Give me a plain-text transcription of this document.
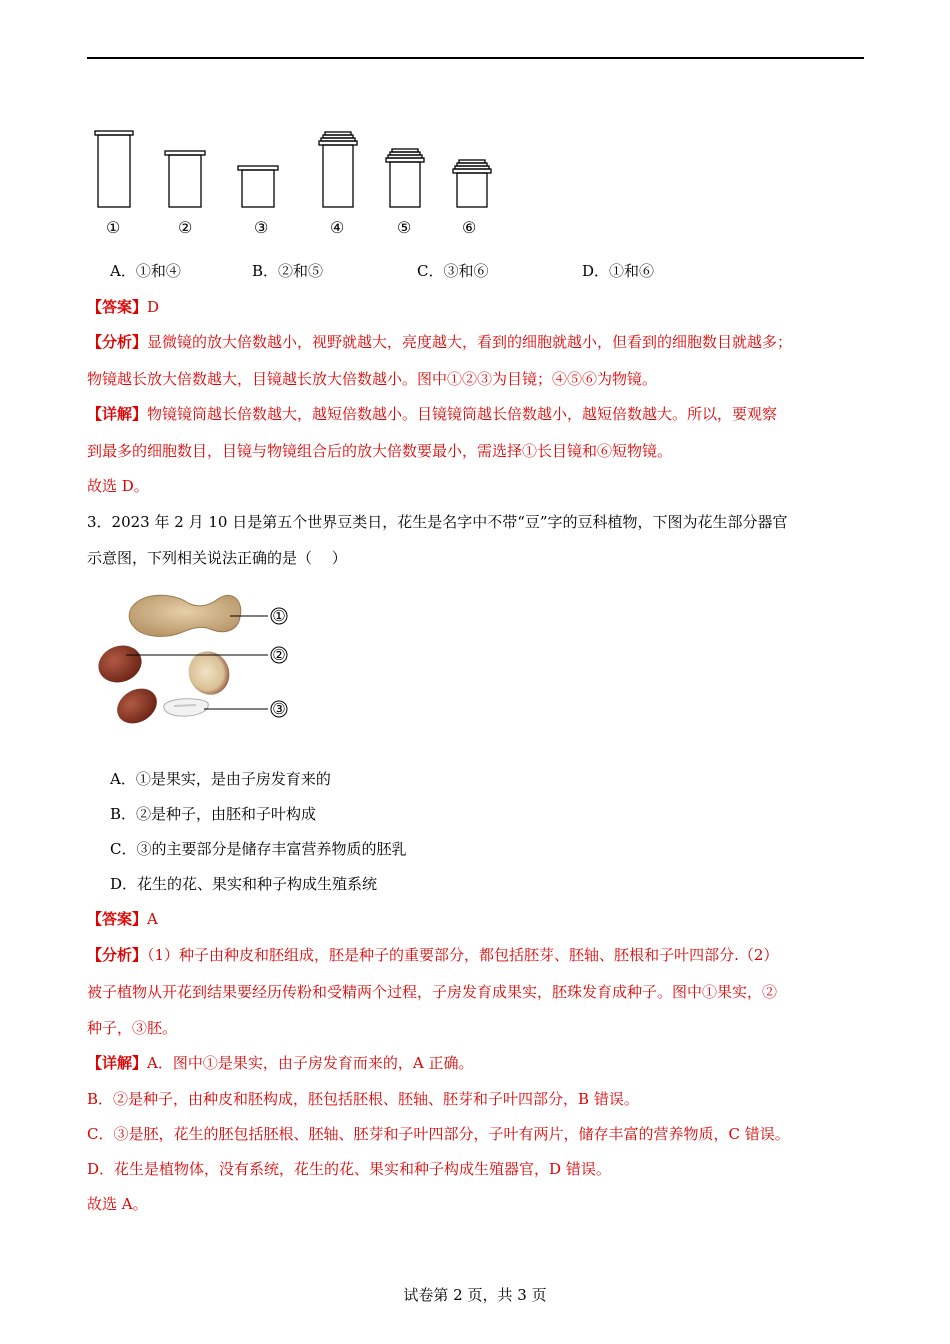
①	②	③	④	⑤	⑥
A．①和④	B．②和⑤	C．③和⑥	D．①和⑥
【答案】D
【分析】显微镜的放大倍数越小，视野就越大，亮度越大，看到的细胞就越小，但看到的细胞数目就越多；
物镜越长放大倍数越大，目镜越长放大倍数越小。图中①②③为目镜；④⑤⑥为物镜。
【详解】物镜镜筒越长倍数越大，越短倍数越小。目镜镜筒越长倍数越小，越短倍数越大。所以，要观察
到最多的细胞数目，目镜与物镜组合后的放大倍数要最小，需选择①长目镜和⑥短物镜。
故选 D。
3．2023 年 2 月 10 日是第五个世界豆类日，花生是名字中不带“豆”字的豆科植物，下图为花生部分器官
示意图，下列相关说法正确的是（　 ）
①
②
③
A．①是果实，是由子房发育来的
B．②是种子，由胚和子叶构成
C．③的主要部分是储存丰富营养物质的胚乳
D．花生的花、果实和种子构成生殖系统
【答案】A
【分析】（1）种子由种皮和胚组成，胚是种子的重要部分，都包括胚芽、胚轴、胚根和子叶四部分.（2）
被子植物从开花到结果要经历传粉和受精两个过程，子房发育成果实，胚珠发育成种子。图中①果实，②
种子，③胚。
【详解】A．图中①是果实，由子房发育而来的，A 正确。
B．②是种子，由种皮和胚构成，胚包括胚根、胚轴、胚芽和子叶四部分，B 错误。
C．③是胚，花生的胚包括胚根、胚轴、胚芽和子叶四部分，子叶有两片，储存丰富的营养物质，C 错误。
D．花生是植物体，没有系统，花生的花、果实和种子构成生殖器官，D 错误。
故选 A。
试卷第 2 页，共 3 页
